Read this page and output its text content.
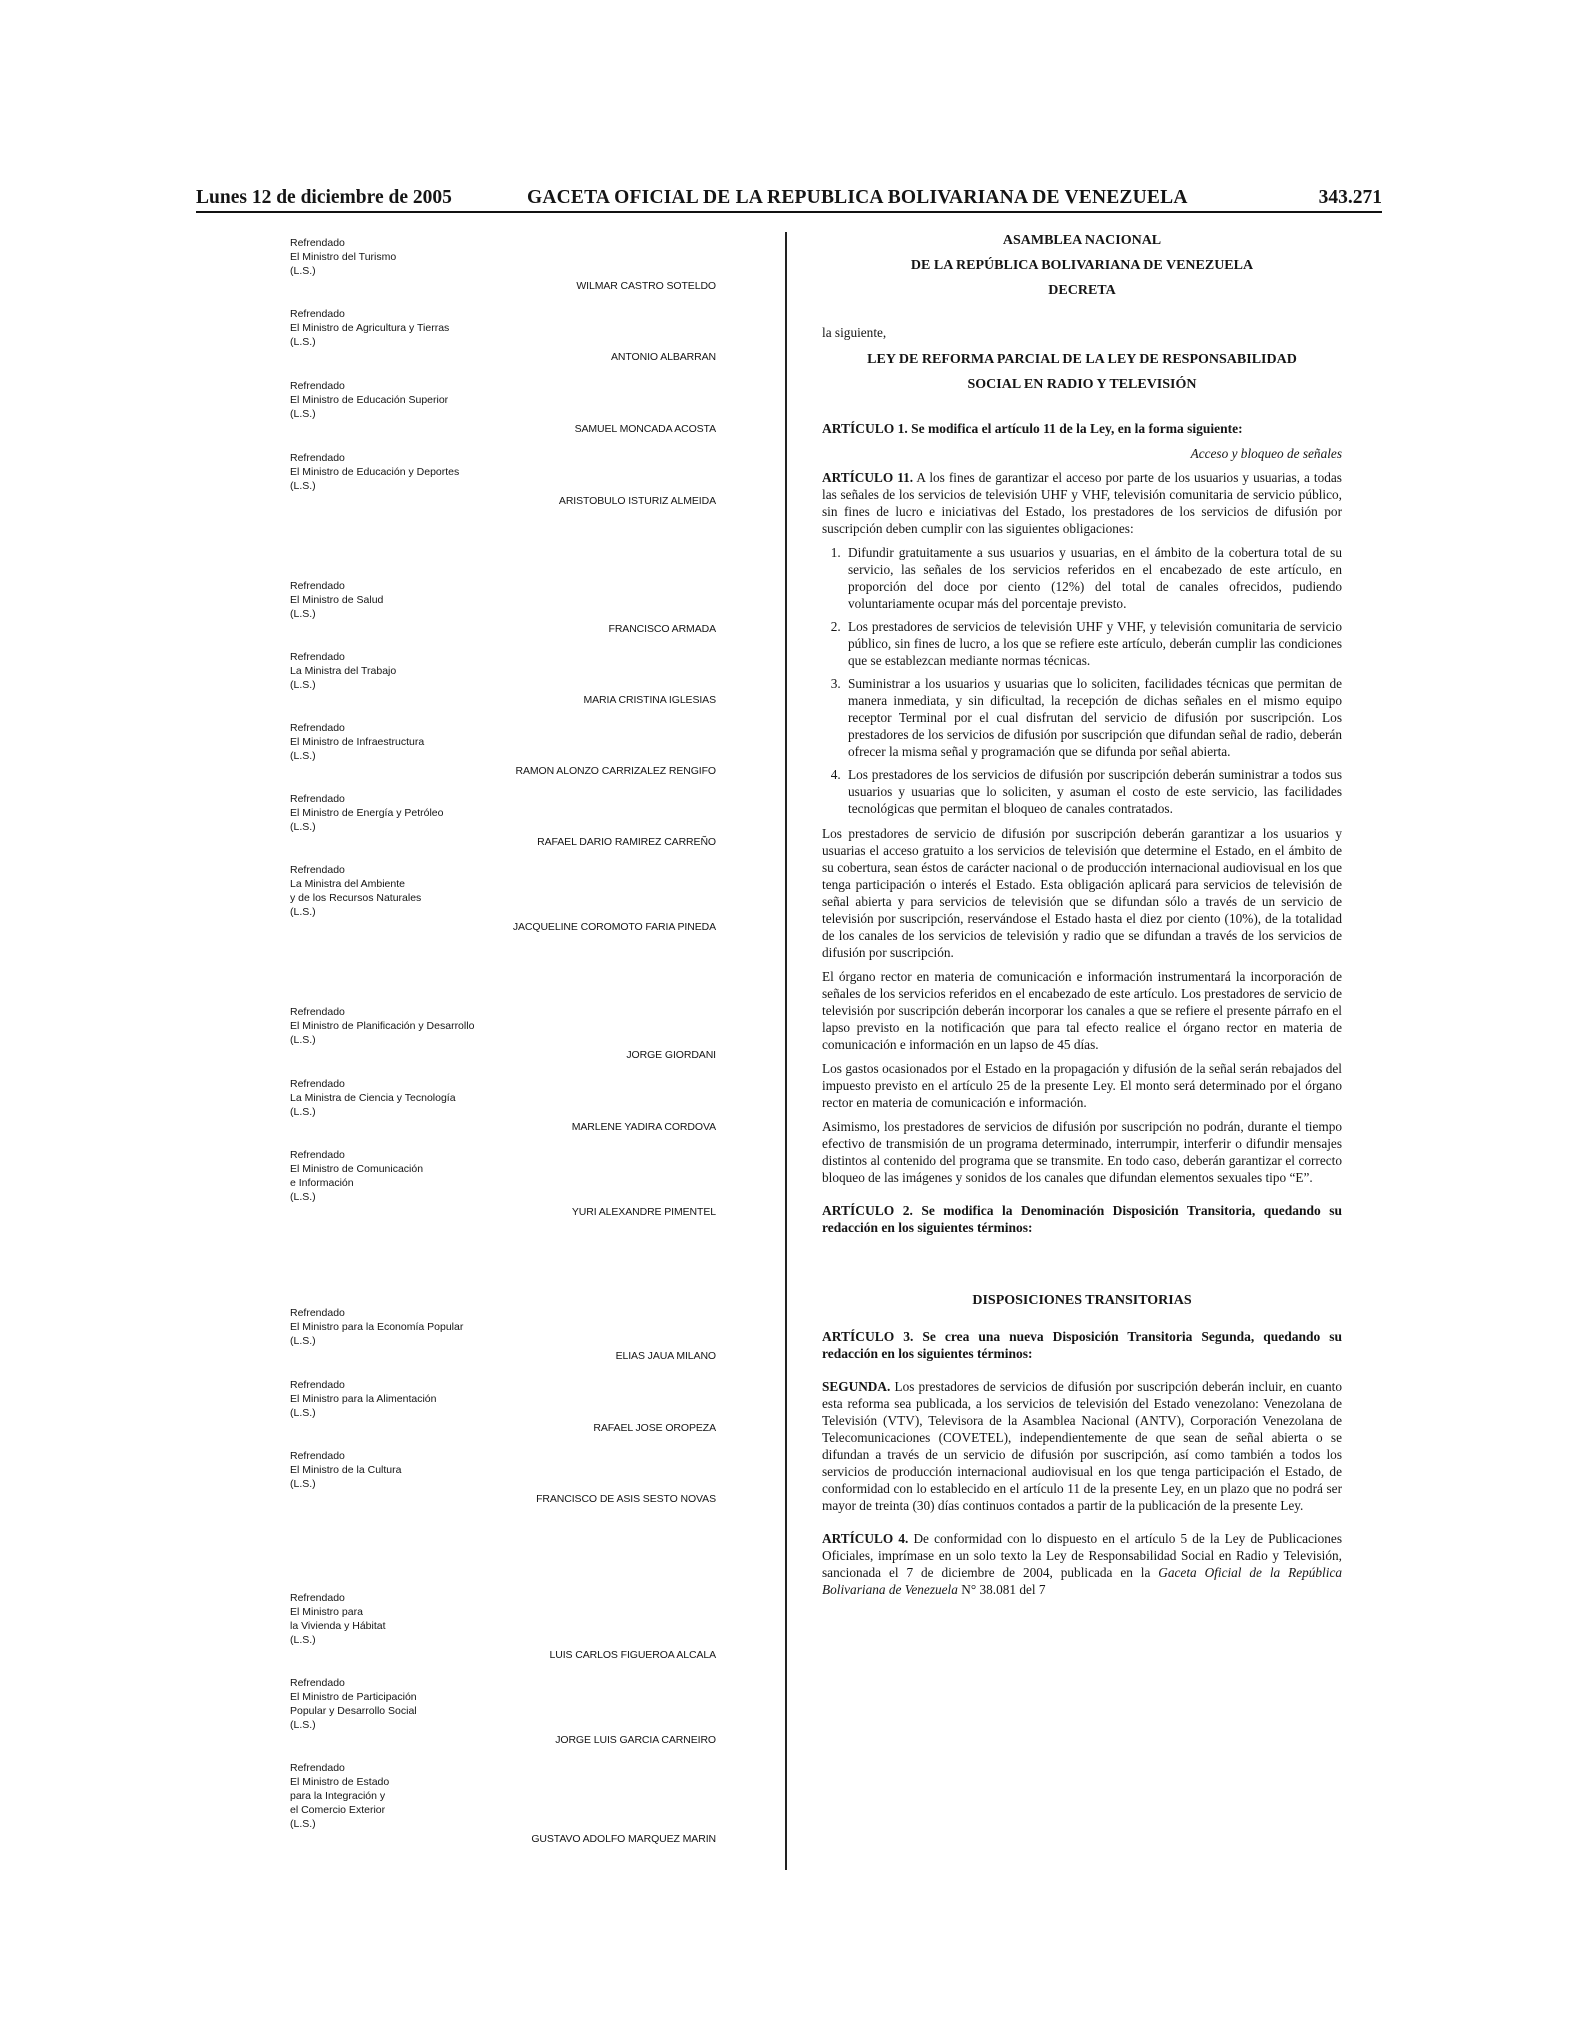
Lunes 12 de diciembre de 2005	GACETA OFICIAL DE LA REPUBLICA BOLIVARIANA DE VENEZUELA	343.271
Refrendado
El Ministro del Turismo
(L.S.)
WILMAR CASTRO SOTELDO
Refrendado
El Ministro de Agricultura y Tierras
(L.S.)
ANTONIO ALBARRAN
Refrendado
El Ministro de Educación Superior
(L.S.)
SAMUEL MONCADA ACOSTA
Refrendado
El Ministro de Educación y Deportes
(L.S.)
ARISTOBULO ISTURIZ ALMEIDA
Refrendado
El Ministro de Salud
(L.S.)
FRANCISCO ARMADA
Refrendado
La Ministra del Trabajo
(L.S.)
MARIA CRISTINA IGLESIAS
Refrendado
El Ministro de Infraestructura
(L.S.)
RAMON ALONZO CARRIZALEZ RENGIFO
Refrendado
El Ministro de Energía y Petróleo
(L.S.)
RAFAEL DARIO RAMIREZ CARREÑO
Refrendado
La Ministra del Ambiente
y de los Recursos Naturales
(L.S.)
JACQUELINE COROMOTO FARIA PINEDA
Refrendado
El Ministro de Planificación y Desarrollo
(L.S.)
JORGE GIORDANI
Refrendado
La Ministra de Ciencia y Tecnología
(L.S.)
MARLENE YADIRA CORDOVA
Refrendado
El Ministro de Comunicación
e Información
(L.S.)
YURI ALEXANDRE PIMENTEL
Refrendado
El Ministro para la Economía Popular
(L.S.)
ELIAS JAUA MILANO
Refrendado
El Ministro para la Alimentación
(L.S.)
RAFAEL JOSE OROPEZA
Refrendado
El Ministro de la Cultura
(L.S.)
FRANCISCO DE ASIS SESTO NOVAS
Refrendado
El Ministro para
la Vivienda y Hábitat
(L.S.)
LUIS CARLOS FIGUEROA ALCALA
Refrendado
El Ministro de Participación
Popular y Desarrollo Social
(L.S.)
JORGE LUIS GARCIA CARNEIRO
Refrendado
El Ministro de Estado
para la Integración y
el Comercio Exterior
(L.S.)
GUSTAVO ADOLFO MARQUEZ MARIN

ASAMBLEA NACIONAL

DE LA REPÚBLICA BOLIVARIANA DE VENEZUELA

DECRETA

la siguiente,

LEY DE REFORMA PARCIAL DE LA LEY DE RESPONSABILIDAD

SOCIAL EN RADIO Y TELEVISIÓN

ARTÍCULO 1. Se modifica el artículo 11 de la Ley, en la forma siguiente:

Acceso y bloqueo de señales

ARTÍCULO 11. A los fines de garantizar el acceso por parte de los usuarios y usuarias, a todas las señales de los servicios de televisión UHF y VHF, televisión comunitaria de servicio público, sin fines de lucro e iniciativas del Estado, los prestadores de los servicios de difusión por suscripción deben cumplir con las siguientes obligaciones:

1. Difundir gratuitamente a sus usuarios y usuarias, en el ámbito de la cobertura total de su servicio, las señales de los servicios referidos en el encabezado de este artículo, en proporción del doce por ciento (12%) del total de canales ofrecidos, pudiendo voluntariamente ocupar más del porcentaje previsto.
2. Los prestadores de servicios de televisión UHF y VHF, y televisión comunitaria de servicio público, sin fines de lucro, a los que se refiere este artículo, deberán cumplir las condiciones que se establezcan mediante normas técnicas.
3. Suministrar a los usuarios y usuarias que lo soliciten, facilidades técnicas que permitan de manera inmediata, y sin dificultad, la recepción de dichas señales en el mismo equipo receptor Terminal por el cual disfrutan del servicio de difusión por suscripción. Los prestadores de los servicios de difusión por suscripción que difundan señal de radio, deberán ofrecer la misma señal y programación que se difunda por señal abierta.
4. Los prestadores de los servicios de difusión por suscripción deberán suministrar a todos sus usuarios y usuarias que lo soliciten, y asuman el costo de este servicio, las facilidades tecnológicas que permitan el bloqueo de canales contratados.

Los prestadores de servicio de difusión por suscripción deberán garantizar a los usuarios y usuarias el acceso gratuito a los servicios de televisión que determine el Estado, en el ámbito de su cobertura, sean éstos de carácter nacional o de producción internacional audiovisual en los que tenga participación o interés el Estado. Esta obligación aplicará para servicios de televisión de señal abierta y para servicios de televisión que se difundan sólo a través de un servicio de televisión por suscripción, reservándose el Estado hasta el diez por ciento (10%), de la totalidad de los canales de los servicios de televisión y radio que se difundan a través de los servicios de difusión por suscripción.

El órgano rector en materia de comunicación e información instrumentará la incorporación de señales de los servicios referidos en el encabezado de este artículo. Los prestadores de servicio de televisión por suscripción deberán incorporar los canales a que se refiere el presente párrafo en el lapso previsto en la notificación que para tal efecto realice el órgano rector en materia de comunicación e información en un lapso de 45 días.

Los gastos ocasionados por el Estado en la propagación y difusión de la señal serán rebajados del impuesto previsto en el artículo 25 de la presente Ley. El monto será determinado por el órgano rector en materia de comunicación e información.

Asimismo, los prestadores de servicios de difusión por suscripción no podrán, durante el tiempo efectivo de transmisión de un programa determinado, interrumpir, interferir o difundir mensajes distintos al contenido del programa que se transmite. En todo caso, deberán garantizar el correcto bloqueo de las imágenes y sonidos de los canales que difundan elementos sexuales tipo “E”.

ARTÍCULO 2. Se modifica la Denominación Disposición Transitoria, quedando su redacción en los siguientes términos:

DISPOSICIONES TRANSITORIAS

ARTÍCULO 3. Se crea una nueva Disposición Transitoria Segunda, quedando su redacción en los siguientes términos:

SEGUNDA. Los prestadores de servicios de difusión por suscripción deberán incluir, en cuanto esta reforma sea publicada, a los servicios de televisión del Estado venezolano: Venezolana de Televisión (VTV), Televisora de la Asamblea Nacional (ANTV), Corporación Venezolana de Telecomunicaciones (COVETEL), independientemente de que sean de señal abierta o se difundan a través de un servicio de difusión por suscripción, así como también a todos los servicios de producción internacional audiovisual en los que tenga participación el Estado, de conformidad con lo establecido en el artículo 11 de la presente Ley, en un plazo que no podrá ser mayor de treinta (30) días continuos contados a partir de la publicación de la presente Ley.

ARTÍCULO 4. De conformidad con lo dispuesto en el artículo 5 de la Ley de Publicaciones Oficiales, imprímase en un solo texto la Ley de Responsabilidad Social en Radio y Televisión, sancionada el 7 de diciembre de 2004, publicada en la Gaceta Oficial de la República Bolivariana de Venezuela N° 38.081 del 7
